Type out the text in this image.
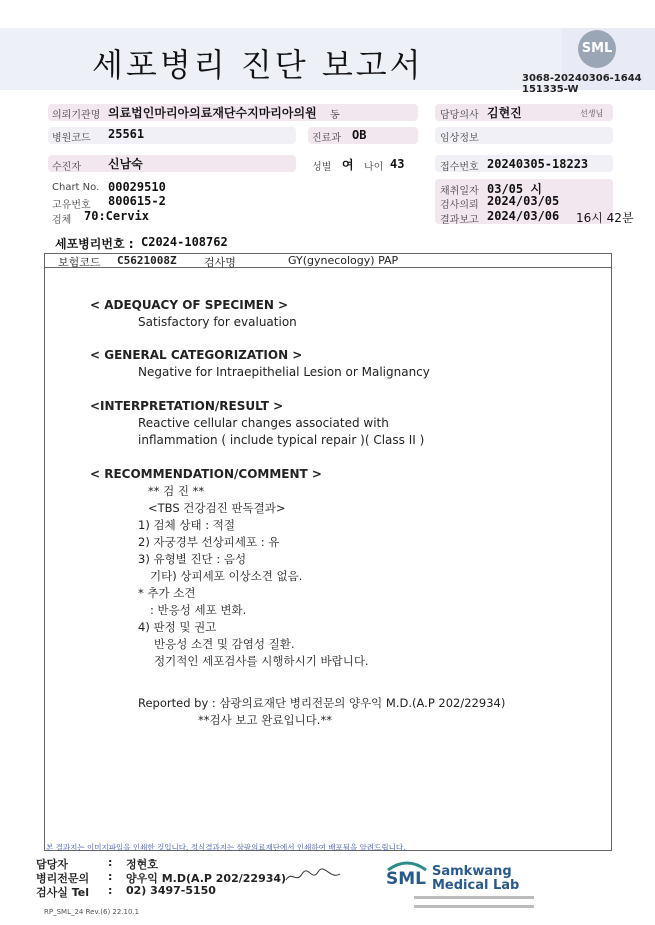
세포병리 진단 보고서	SML
3068-20240306-1644
151335-W
의뢰기관명 의료법인마리아의료재단수지마리아의원 동	담당의사 김현진	선생님
병원코드 25561	진료과 OB	임상정보
수진자 신남숙	성별 여 나이 43	접수번호 20240305-18223
Chart No. 00029510
고유번호 800615-2
검체 70:Cervix
채취일자 03/05 시
검사의뢰 2024/03/05
결과보고 2024/03/06 16시 42분
세포병리번호 : C2024-108762
보험코드 C5621008Z 검사명	GY(gynecology) PAP
< ADEQUACY OF SPECIMEN >
Satisfactory for evaluation
< GENERAL CATEGORIZATION >
Negative for Intraepithelial Lesion or Malignancy
<INTERPRETATION/RESULT >
Reactive cellular changes associated with
inflammation ( include typical repair )( Class II )
< RECOMMENDATION/COMMENT >
** 검 진 **
<TBS 건강검진 판독결과>
1) 검체 상태 : 적절
2) 자궁경부 선상피세포 : 유
3) 유형별 진단 : 음성
기타) 상피세포 이상소견 없음.
* 추가 소견
: 반응성 세포 변화.
4) 판정 및 권고
반응성 소견 및 감염성 질환.
정기적인 세포검사를 시행하시기 바랍니다.
Reported by : 삼광의료재단 병리전문의 양우익 M.D.(A.P 202/22934)
**검사 보고 완료입니다.**
본 결과지는 이미지파일을 인쇄한 것입니다. 정식결과지는 삼광의료재단에서 인쇄하여 배포됨을 알려드립니다.
담당자	: 정현호
병리전문의 : 양우익 M.D(A.P 202/22934)
검사실 Tel : 02) 3497-5150
RP_SML_24 Rev.(6) 22.10.1
SML Samkwang
Medical Lab
